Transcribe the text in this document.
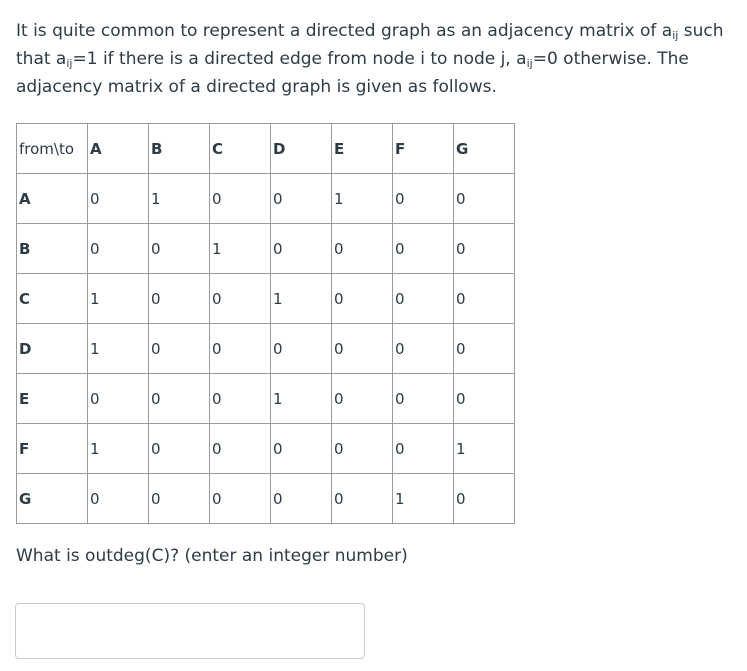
It is quite common to represent a directed graph as an adjacency matrix of $a_{ij}$ such that $a_{ij}=1$ if there is a directed edge from node i to node j, $a_{ij}=0$ otherwise. The adjacency matrix of a directed graph is given as follows.

from\to	A	B	C	D	E	F	G
A	0	1	0	0	1	0	0
B	0	0	1	0	0	0	0
C	1	0	0	1	0	0	0
D	1	0	0	0	0	0	0
E	0	0	0	1	0	0	0
F	1	0	0	0	0	0	1
G	0	0	0	0	0	1	0

What is outdeg(C)? (enter an integer number)
